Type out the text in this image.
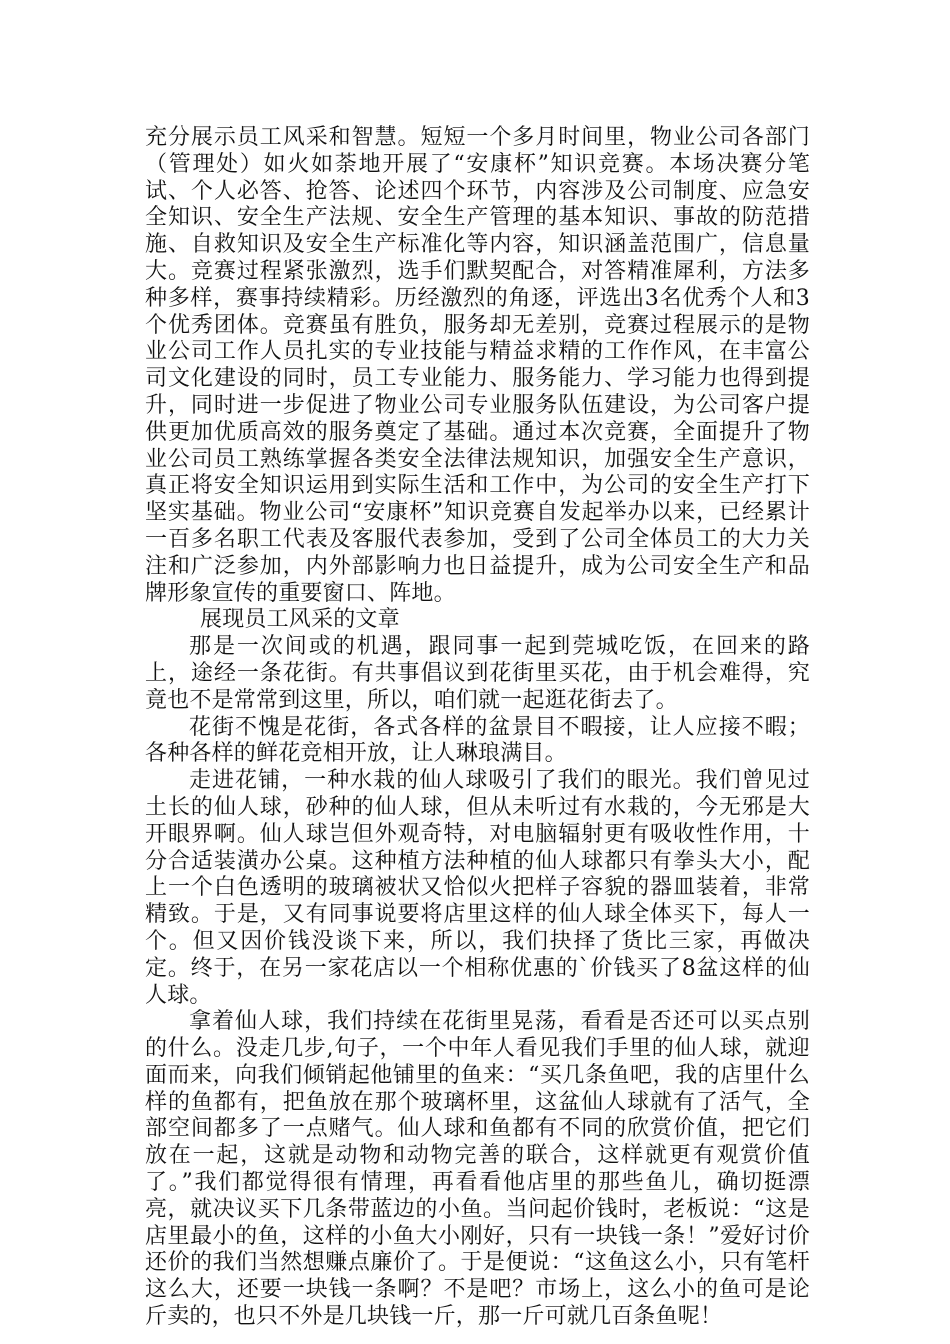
充分展示员工风采和智慧。短短一个多月时间里，物业公司各部门（管理处）如火如荼地开展了“安康杯”知识竞赛。本场决赛分笔试、个人必答、抢答、论述四个环节，内容涉及公司制度、应急安全知识、安全生产法规、安全生产管理的基本知识、事故的防范措施、自救知识及安全生产标准化等内容，知识涵盖范围广，信息量大。竞赛过程紧张激烈，选手们默契配合，对答精准犀利，方法多种多样，赛事持续精彩。历经激烈的角逐，评选出3名优秀个人和3个优秀团体。竞赛虽有胜负，服务却无差别，竞赛过程展示的是物业公司工作人员扎实的专业技能与精益求精的工作作风，在丰富公司文化建设的同时，员工专业能力、服务能力、学习能力也得到提升，同时进一步促进了物业公司专业服务队伍建设，为公司客户提供更加优质高效的服务奠定了基础。通过本次竞赛，全面提升了物业公司员工熟练掌握各类安全法律法规知识，加强安全生产意识，真正将安全知识运用到实际生活和工作中，为公司的安全生产打下坚实基础。物业公司“安康杯”知识竞赛自发起举办以来，已经累计一百多名职工代表及客服代表参加，受到了公司全体员工的大力关注和广泛参加，内外部影响力也日益提升，成为公司安全生产和品牌形象宣传的重要窗口、阵地。

展现员工风采的文章

那是一次间或的机遇，跟同事一起到莞城吃饭，在回来的路上，途经一条花街。有共事倡议到花街里买花，由于机会难得，究竟也不是常常到这里，所以，咱们就一起逛花街去了。

花街不愧是花街，各式各样的盆景目不暇接，让人应接不暇；各种各样的鲜花竞相开放，让人琳琅满目。

走进花铺，一种水栽的仙人球吸引了我们的眼光。我们曾见过土长的仙人球，砂种的仙人球，但从未听过有水栽的，今无邪是大开眼界啊。仙人球岂但外观奇特，对电脑辐射更有吸收性作用，十分合适装潢办公桌。这种植方法种植的仙人球都只有拳头大小，配上一个白色透明的玻璃被状又恰似火把样子容貌的器皿装着，非常精致。于是，又有同事说要将店里这样的仙人球全体买下，每人一个。但又因价钱没谈下来，所以，我们抉择了货比三家，再做决定。终于，在另一家花店以一个相称优惠的`价钱买了8盆这样的仙人球。

拿着仙人球，我们持续在花街里晃荡，看看是否还可以买点别的什么。没走几步,句子，一个中年人看见我们手里的仙人球，就迎面而来，向我们倾销起他铺里的鱼来：“买几条鱼吧，我的店里什么样的鱼都有，把鱼放在那个玻璃杯里，这盆仙人球就有了活气，全部空间都多了一点赌气。仙人球和鱼都有不同的欣赏价值，把它们放在一起，这就是动物和动物完善的联合，这样就更有观赏价值了。”我们都觉得很有情理，再看看他店里的那些鱼儿，确切挺漂亮，就决议买下几条带蓝边的小鱼。当问起价钱时，老板说：“这是店里最小的鱼，这样的小鱼大小刚好，只有一块钱一条！”爱好讨价还价的我们当然想赚点廉价了。于是便说：“这鱼这么小，只有笔杆这么大，还要一块钱一条啊？不是吧？市场上，这么小的鱼可是论斤卖的，也只不外是几块钱一斤，那一斤可就几百条鱼呢！
